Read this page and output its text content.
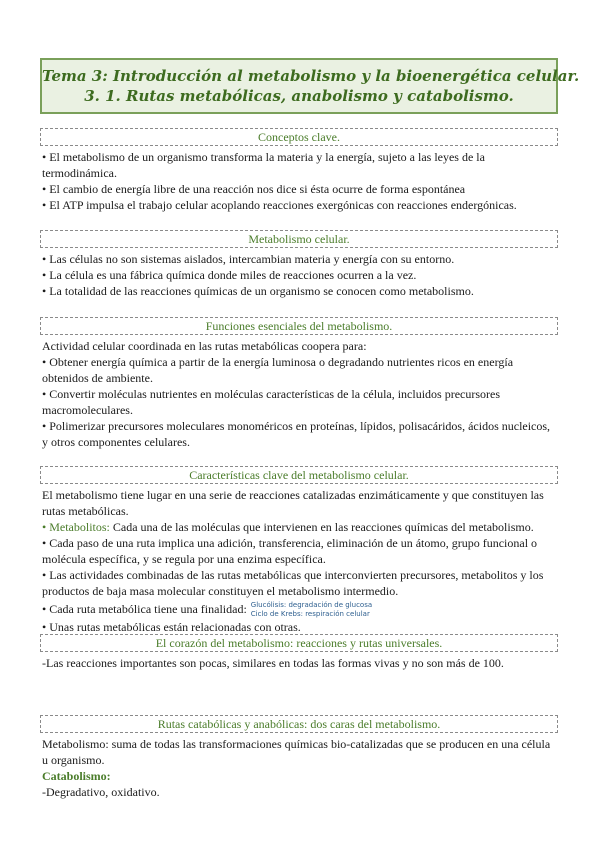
Tema 3: Introducción al metabolismo y la bioenergética celular.
3. 1. Rutas metabólicas, anabolismo y catabolismo.
Conceptos clave.

• El metabolismo de un organismo transforma la materia y la energía, sujeto a las leyes de la termodinámica.

• El cambio de energía libre de una reacción nos dice si ésta ocurre de forma espontánea

• El ATP impulsa el trabajo celular acoplando reacciones exergónicas con reacciones endergónicas.

Metabolismo celular.

• Las células no son sistemas aislados, intercambian materia y energía con su entorno.

• La célula es una fábrica química donde miles de reacciones ocurren a la vez.

• La totalidad de las reacciones químicas de un organismo se conocen como metabolismo.

Funciones esenciales del metabolismo.

Actividad celular coordinada en las rutas metabólicas coopera para:

• Obtener energía química a partir de la energía luminosa o degradando nutrientes ricos en energía obtenidos de ambiente.

• Convertir moléculas nutrientes en moléculas características de la célula, incluidos precursores macromoleculares.

• Polimerizar precursores moleculares monoméricos en proteínas, lípidos, polisacáridos, ácidos nucleicos, y otros componentes celulares.

Características clave del metabolismo celular.

El metabolismo tiene lugar en una serie de reacciones catalizadas enzimáticamente y que constituyen las rutas metabólicas.

• Metabolitos: Cada una de las moléculas que intervienen en las reacciones químicas del metabolismo.

• Cada paso de una ruta implica una adición, transferencia, eliminación de un átomo, grupo funcional o molécula específica, y se regula por una enzima específica.

• Las actividades combinadas de las rutas metabólicas que interconvierten precursores, metabolitos y los productos de baja masa molecular constituyen el metabolismo intermedio.

• Cada ruta metabólica tiene una finalidad: Glucólisis: degradación de glucosa
Ciclo de Krebs: respiración celular

• Unas rutas metabólicas están relacionadas con otras.

El corazón del metabolismo: reacciones y rutas universales.

-Las reacciones importantes son pocas, similares en todas las formas vivas y no son más de 100.

Rutas catabólicas y anabólicas: dos caras del metabolismo.

Metabolismo: suma de todas las transformaciones químicas bio-catalizadas que se producen en una célula u organismo.

Catabolismo:

-Degradativo, oxidativo.
